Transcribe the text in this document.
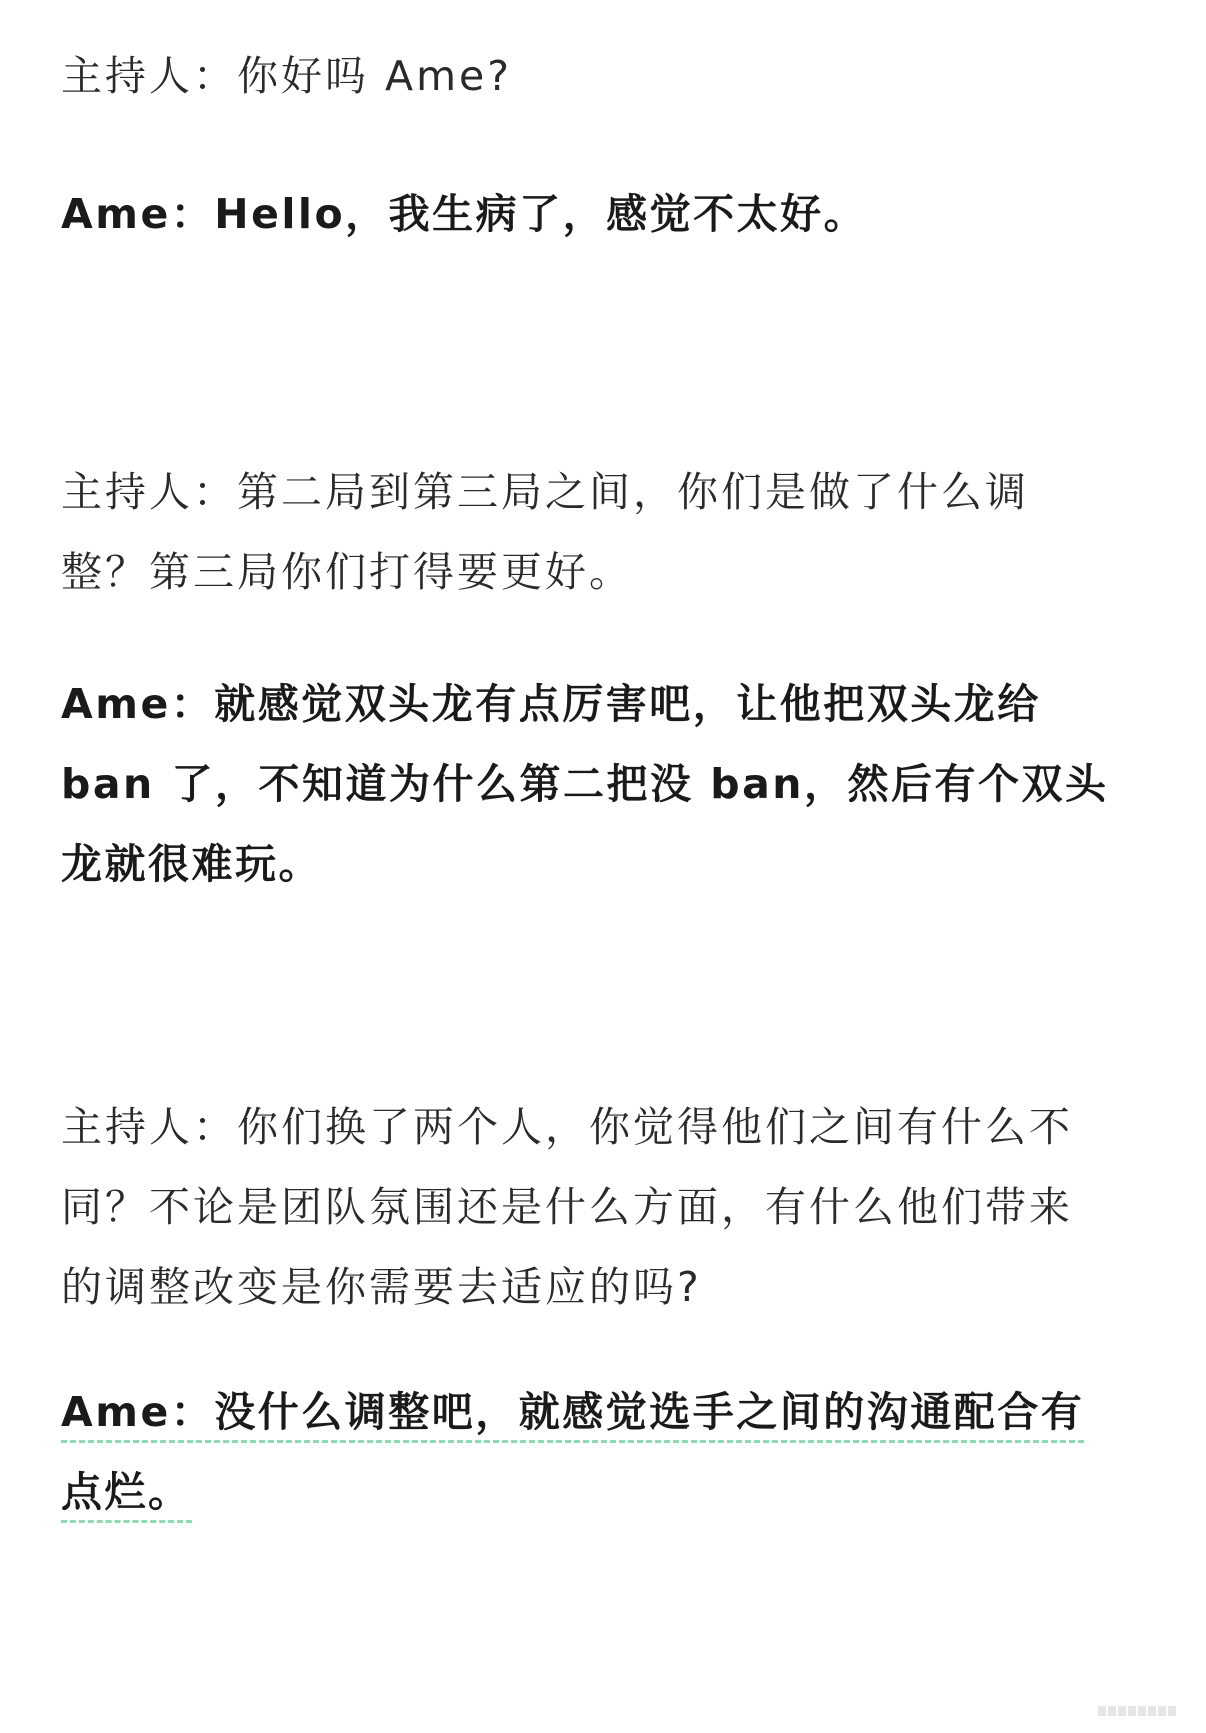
主持人：你好吗 Ame?

Ame：Hello，我生病了，感觉不太好。

主持人：第二局到第三局之间，你们是做了什么调
整？第三局你们打得要更好。

Ame：就感觉双头龙有点厉害吧，让他把双头龙给
ban 了，不知道为什么第二把没 ban，然后有个双头
龙就很难玩。

主持人：你们换了两个人，你觉得他们之间有什么不
同？不论是团队氛围还是什么方面，有什么他们带来
的调整改变是你需要去适应的吗?

Ame：没什么调整吧，就感觉选手之间的沟通配合有
点烂。
